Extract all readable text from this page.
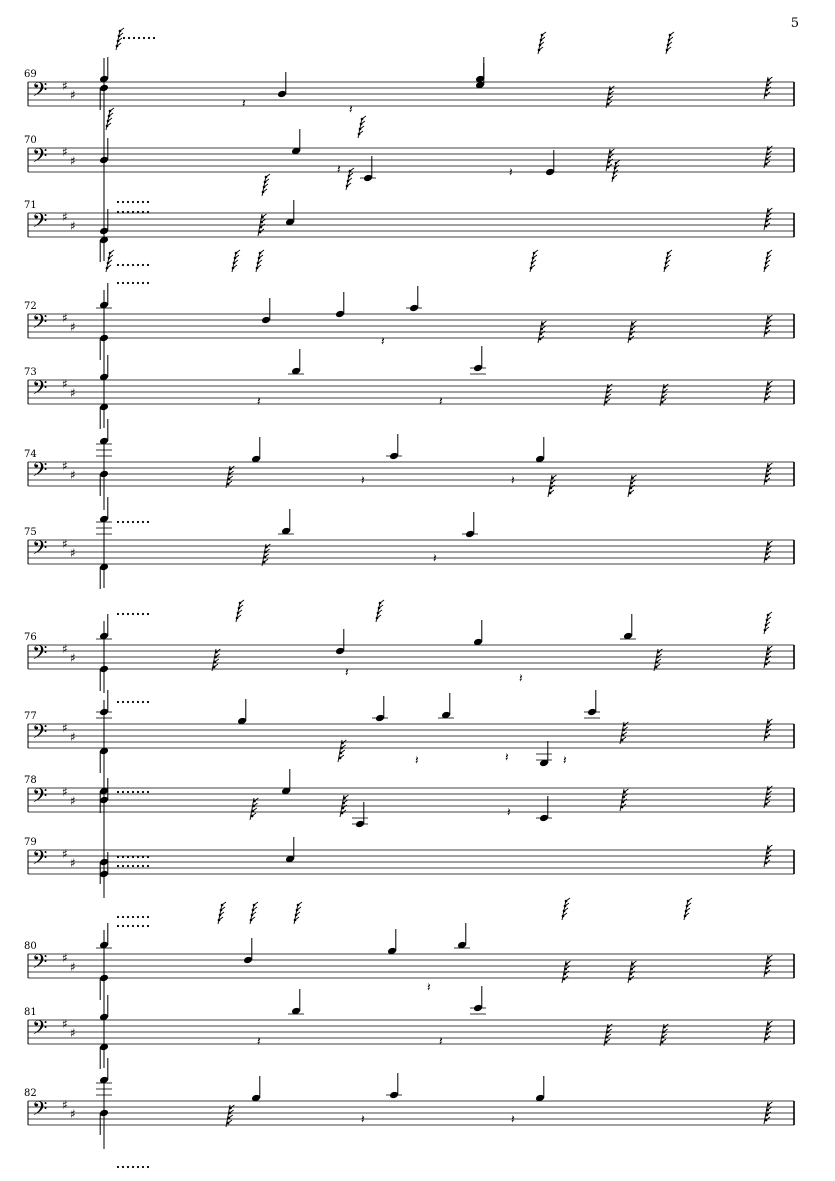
5
69
𝄢 ♯
♯
𝄽	𝄽
70
𝄢 ♯
♯
𝄽	𝄽
71
𝄢 ♯
♯
72
𝄢 ♯
♯
𝄽
73
𝄢 ♯
♯
𝄽	𝄽
74
𝄢 ♯
♯	𝄽	𝄽
75
𝄢 ♯
♯	𝄽
76
𝄢 ♯
♯
𝄽	𝄽
77
𝄢 ♯
♯
𝄽	𝄽	𝄽
78
𝄢 ♯
♯
𝄽
79
𝄢 ♯
♯
80
𝄢 ♯
♯
𝄽
81
𝄢 ♯
♯
𝄽	𝄽
82
𝄢 ♯
♯	𝄽	𝄽
